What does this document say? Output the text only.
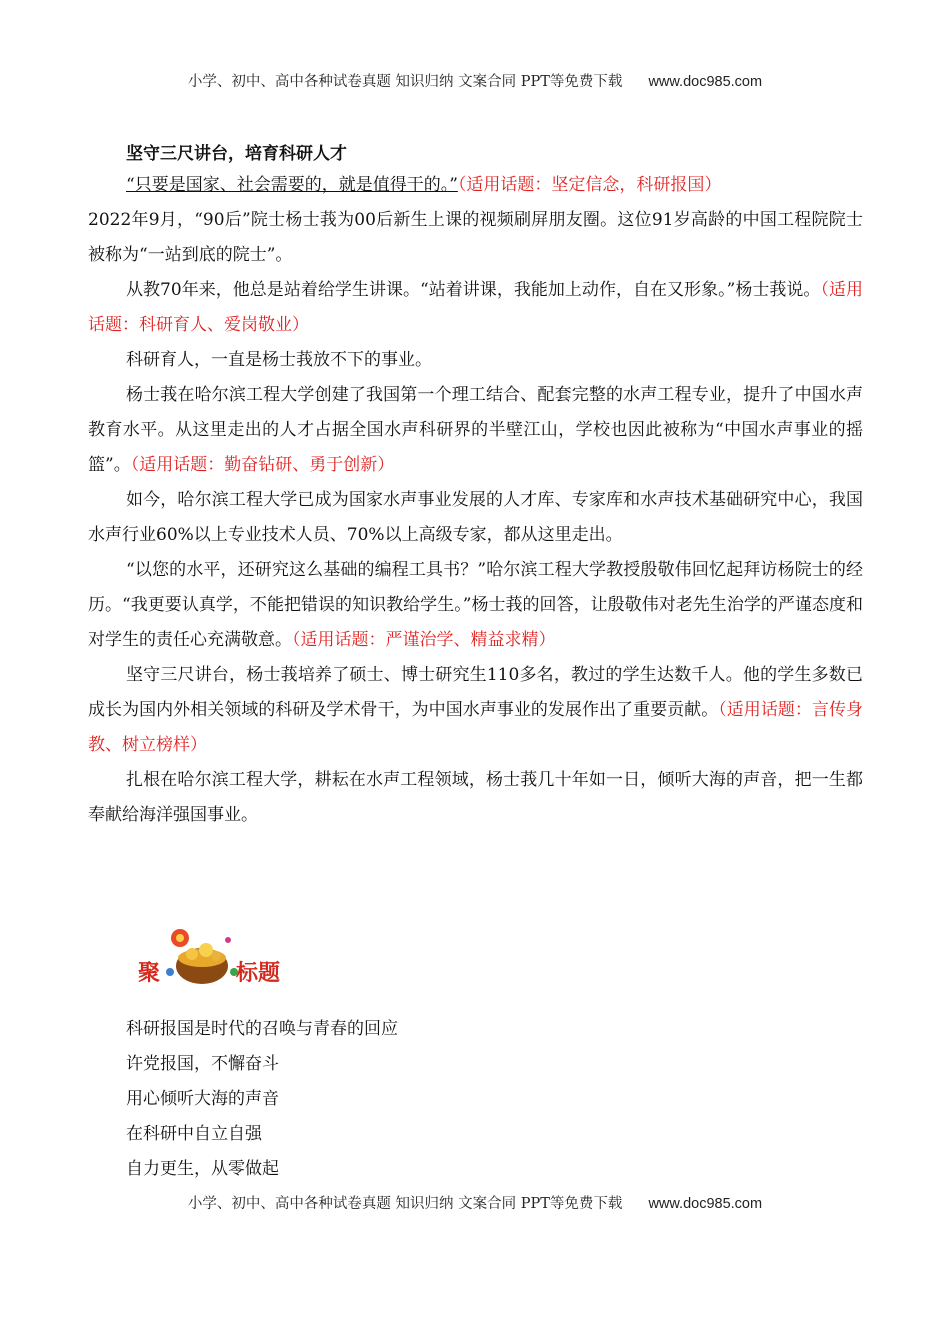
小学、初中、高中各种试卷真题 知识归纳 文案合同 PPT等免费下载 www.doc985.com
坚守三尺讲台，培育科研人才

“只要是国家、社会需要的，就是值得干的。”（适用话题：坚定信念，科研报国）

2022年9月，“90后”院士杨士莪为00后新生上课的视频刷屏朋友圈。这位91岁高龄的中国工程院院士被称为“一站到底的院士”。

从教70年来，他总是站着给学生讲课。“站着讲课，我能加上动作，自在又形象。”杨士莪说。（适用话题：科研育人、爱岗敬业）

科研育人，一直是杨士莪放不下的事业。

杨士莪在哈尔滨工程大学创建了我国第一个理工结合、配套完整的水声工程专业，提升了中国水声教育水平。从这里走出的人才占据全国水声科研界的半壁江山，学校也因此被称为“中国水声事业的摇篮”。（适用话题：勤奋钻研、勇于创新）

如今，哈尔滨工程大学已成为国家水声事业发展的人才库、专家库和水声技术基础研究中心，我国水声行业60%以上专业技术人员、70%以上高级专家，都从这里走出。

“以您的水平，还研究这么基础的编程工具书？”哈尔滨工程大学教授殷敬伟回忆起拜访杨院士的经历。“我更要认真学，不能把错误的知识教给学生。”杨士莪的回答，让殷敬伟对老先生治学的严谨态度和对学生的责任心充满敬意。（适用话题：严谨治学、精益求精）

坚守三尺讲台，杨士莪培养了硕士、博士研究生110多名，教过的学生达数千人。他的学生多数已成长为国内外相关领域的科研及学术骨干，为中国水声事业的发展作出了重要贡献。（适用话题：言传身教、树立榜样）

扎根在哈尔滨工程大学，耕耘在水声工程领域，杨士莪几十年如一日，倾听大海的声音，把一生都奉献给海洋强国事业。

聚	标题
科研报国是时代的召唤与青春的回应
许党报国，不懈奋斗
用心倾听大海的声音
在科研中自立自强
自力更生，从零做起
小学、初中、高中各种试卷真题 知识归纳 文案合同 PPT等免费下载 www.doc985.com
